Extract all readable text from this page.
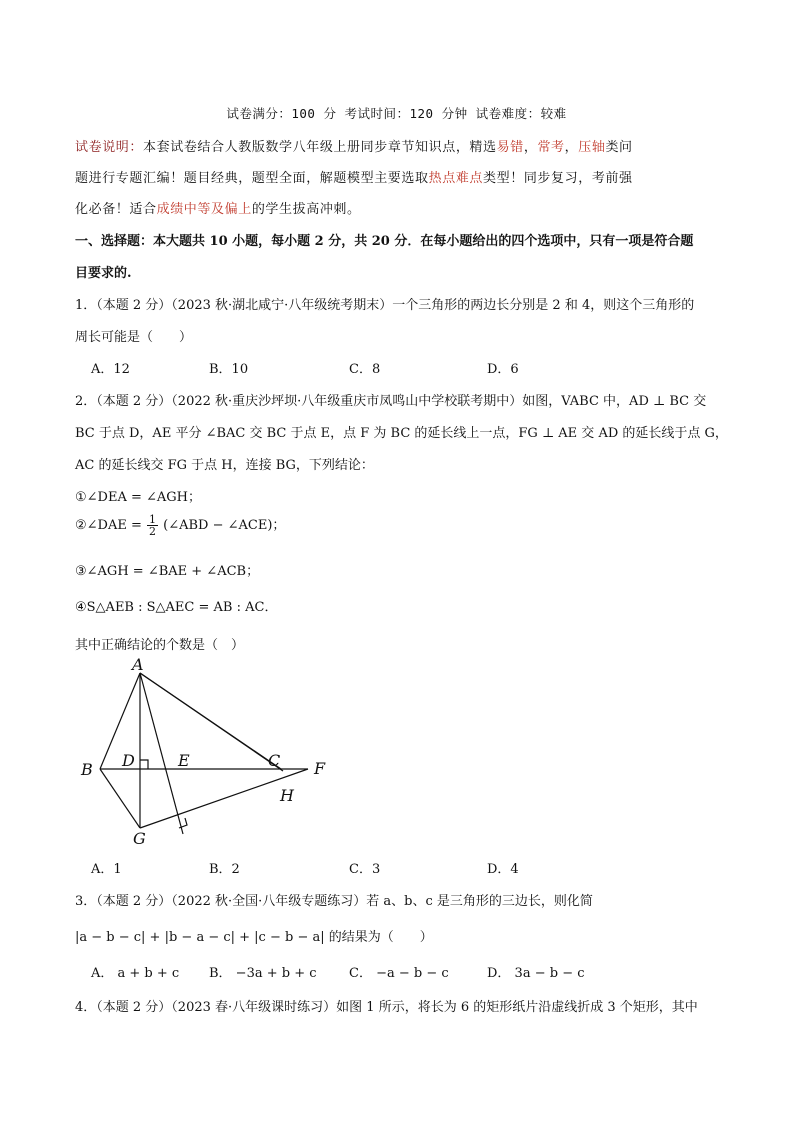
试卷满分：100 分 考试时间：120 分钟 试卷难度：较难
试卷说明：本套试卷结合人教版数学八年级上册同步章节知识点，精选易错，常考，压轴类问
题进行专题汇编！题目经典，题型全面，解题模型主要选取热点难点类型！同步复习，考前强
化必备！适合成绩中等及偏上的学生拔高冲刺。
一、选择题：本大题共 10 小题，每小题 2 分，共 20 分．在每小题给出的四个选项中，只有一项是符合题
目要求的.
1．（本题 2 分）（2023 秋·湖北咸宁·八年级统考期末）一个三角形的两边长分别是 2 和 4，则这个三角形的
周长可能是（　　）
A．12	B．10	C．8	D．6
2．（本题 2 分）（2022 秋·重庆沙坪坝·八年级重庆市凤鸣山中学校联考期中）如图，VABC 中，AD ⊥ BC 交
BC 于点 D，AE 平分 ∠BAC 交 BC 于点 E，点 F 为 BC 的延长线上一点，FG ⊥ AE 交 AD 的延长线于点 G，
AC 的延长线交 FG 于点 H，连接 BG，下列结论：
①∠DEA = ∠AGH；
②∠DAE = $\frac{1}{2}$ (∠ABD − ∠ACE)；
③∠AGH = ∠BAE + ∠ACB；
④S△AEB : S△AEC = AB : AC．
其中正确结论的个数是（　）
A
B D	E	C F
H
G
A．1	B．2	C．3	D．4
3．（本题 2 分）（2022 秋·全国·八年级专题练习）若 a、b、c 是三角形的三边长，则化简
|a − b − c| + |b − a − c| + |c − b − a| 的结果为（　　）
A． a + b + c B． −3a + b + c C． −a − b − c	D． 3a − b − c
4．（本题 2 分）（2023 春·八年级课时练习）如图 1 所示，将长为 6 的矩形纸片沿虚线折成 3 个矩形，其中
